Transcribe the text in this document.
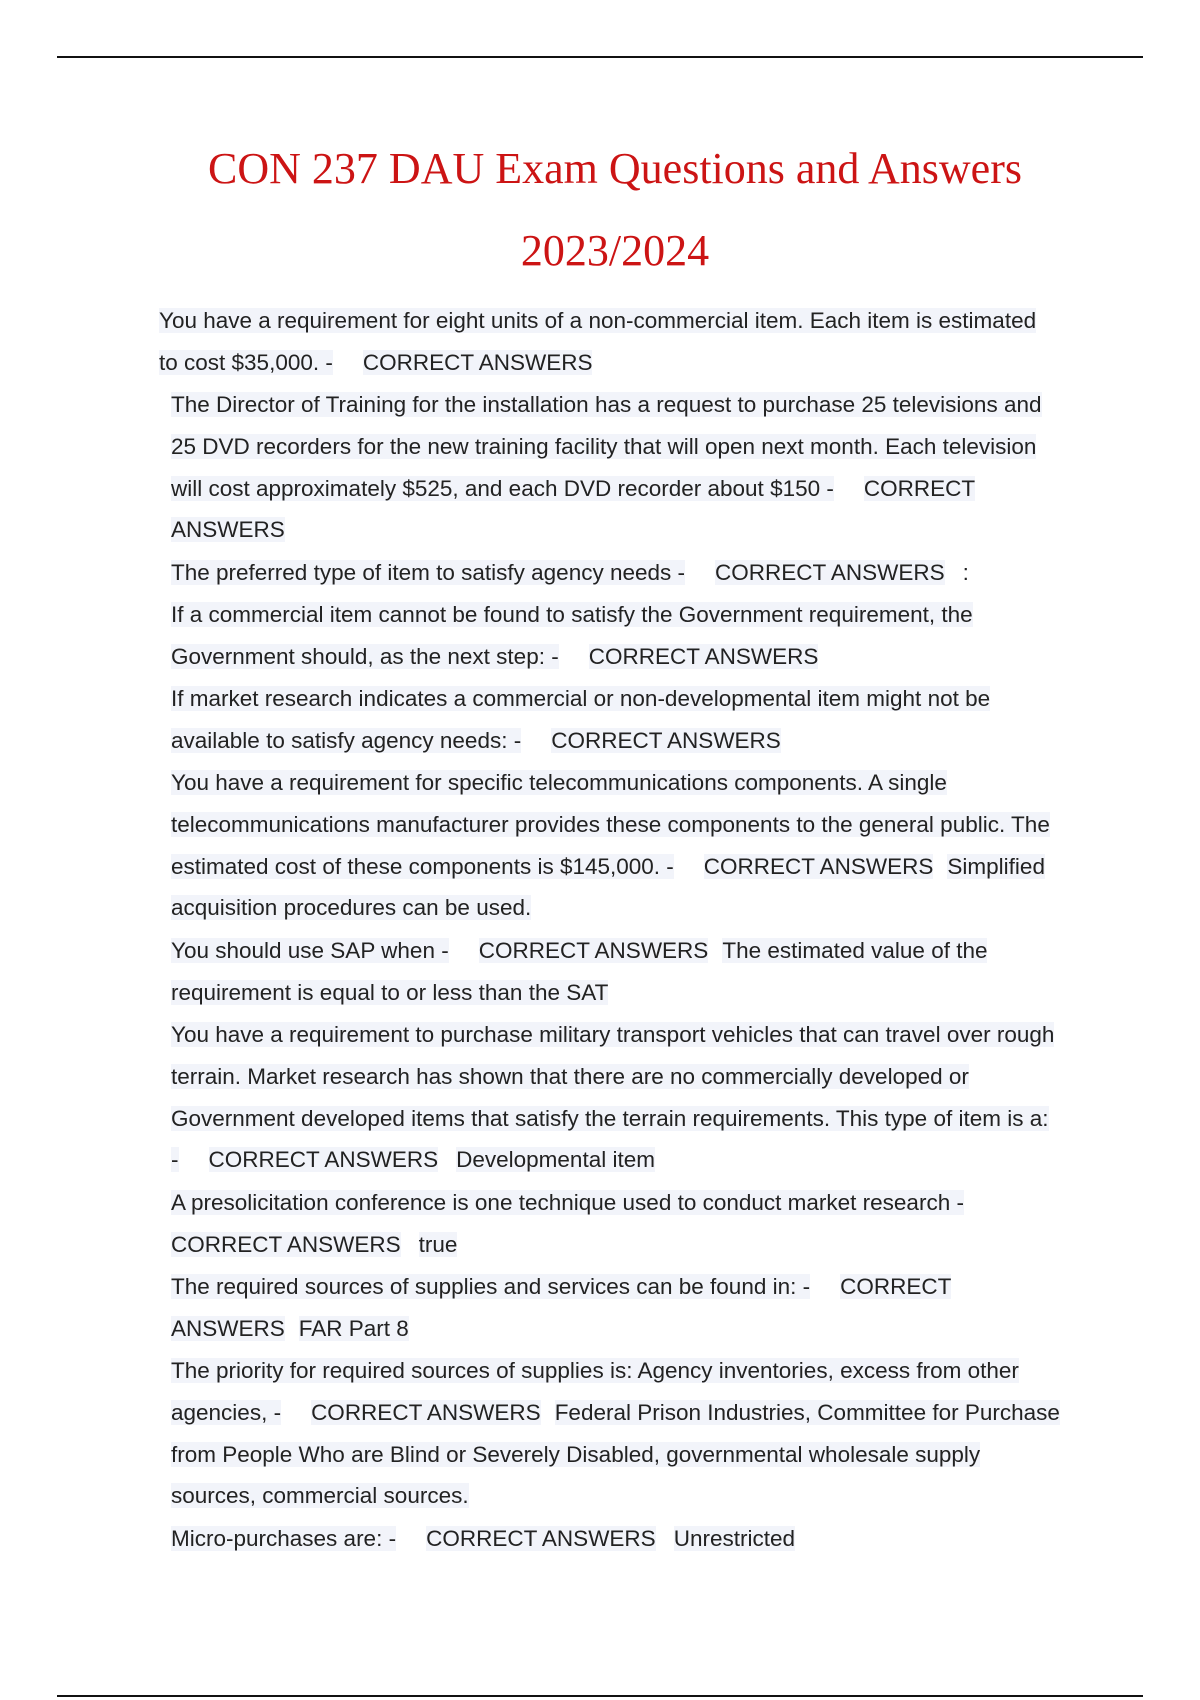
CON 237 DAU Exam Questions and Answers 2023/2024

You have a requirement for eight units of a non-commercial item. Each item is estimated to cost $35,000. - CORRECT ANSWERS

The Director of Training for the installation has a request to purchase 25 televisions and 25 DVD recorders for the new training facility that will open next month. Each television will cost approximately $525, and each DVD recorder about $150 - CORRECT ANSWERS

The preferred type of item to satisfy agency needs - CORRECT ANSWERS :

If a commercial item cannot be found to satisfy the Government requirement, the Government should, as the next step: - CORRECT ANSWERS

If market research indicates a commercial or non-developmental item might not be available to satisfy agency needs: - CORRECT ANSWERS

You have a requirement for specific telecommunications components. A single telecommunications manufacturer provides these components to the general public. The estimated cost of these components is $145,000. - CORRECT ANSWERS Simplified acquisition procedures can be used.

You should use SAP when - CORRECT ANSWERS The estimated value of the requirement is equal to or less than the SAT

You have a requirement to purchase military transport vehicles that can travel over rough terrain. Market research has shown that there are no commercially developed or Government developed items that satisfy the terrain requirements. This type of item is a: - CORRECT ANSWERS Developmental item

A presolicitation conference is one technique used to conduct market research -CORRECT ANSWERS true

The required sources of supplies and services can be found in: - CORRECT ANSWERS FAR Part 8

The priority for required sources of supplies is: Agency inventories, excess from other agencies, - CORRECT ANSWERS Federal Prison Industries, Committee for Purchase from People Who are Blind or Severely Disabled, governmental wholesale supply sources, commercial sources.

Micro-purchases are: - CORRECT ANSWERS Unrestricted
